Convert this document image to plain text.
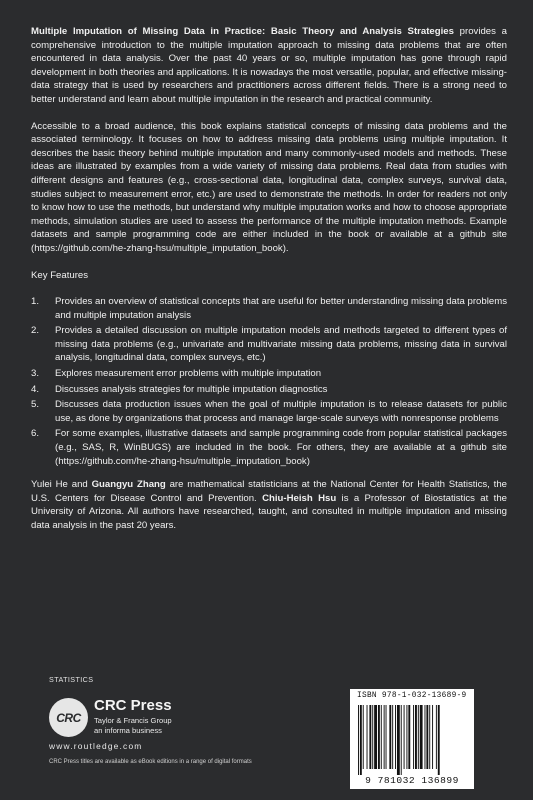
Multiple Imputation of Missing Data in Practice: Basic Theory and Analysis Strategies provides a comprehensive introduction to the multiple imputation approach to missing data problems that are often encountered in data analysis. Over the past 40 years or so, multiple imputation has gone through rapid development in both theories and applications. It is nowadays the most versatile, popular, and effective missing-data strategy that is used by researchers and practitioners across different fields. There is a strong need to better understand and learn about multiple imputation in the research and practical community.

Accessible to a broad audience, this book explains statistical concepts of missing data problems and the associated terminology. It focuses on how to address missing data problems using multiple imputation. It describes the basic theory behind multiple imputation and many commonly-used models and methods. These ideas are illustrated by examples from a wide variety of missing data problems. Real data from studies with different designs and features (e.g., cross-sectional data, longitudinal data, complex surveys, survival data, studies subject to measurement error, etc.) are used to demonstrate the methods. In order for readers not only to know how to use the methods, but understand why multiple imputation works and how to choose appropriate methods, simulation studies are used to assess the performance of the multiple imputation methods. Example datasets and sample programming code are either included in the book or available at a github site (https://github.com/he-zhang-hsu/multiple_imputation_book).

Key Features

1.	Provides an overview of statistical concepts that are useful for better understanding missing data problems and multiple imputation analysis
2.	Provides a detailed discussion on multiple imputation models and methods targeted to different types of missing data problems (e.g., univariate and multivariate missing data problems, missing data in survival analysis, longitudinal data, complex surveys, etc.)
3.	Explores measurement error problems with multiple imputation
4.	Discusses analysis strategies for multiple imputation diagnostics
5.	Discusses data production issues when the goal of multiple imputation is to release datasets for public use, as done by organizations that process and manage large-scale surveys with nonresponse problems
6.	For some examples, illustrative datasets and sample programming code from popular statistical packages (e.g., SAS, R, WinBUGS) are included in the book. For others, they are available at a github site (https://github.com/he-zhang-hsu/multiple_imputation_book)

Yulei He and Guangyu Zhang are mathematical statisticians at the National Center for Health Statistics, the U.S. Centers for Disease Control and Prevention. Chiu-Heish Hsu is a Professor of Biostatistics at the University of Arizona. All authors have researched, taught, and consulted in multiple imputation and missing data analysis in the past 20 years.

STATISTICS
CRC
CRC Press
Taylor & Francis Group
an informa business
www.routledge.com
CRC Press titles are available as eBook editions in a range of digital formats
ISBN 978-1-032-13689-9
9 781032 136899
